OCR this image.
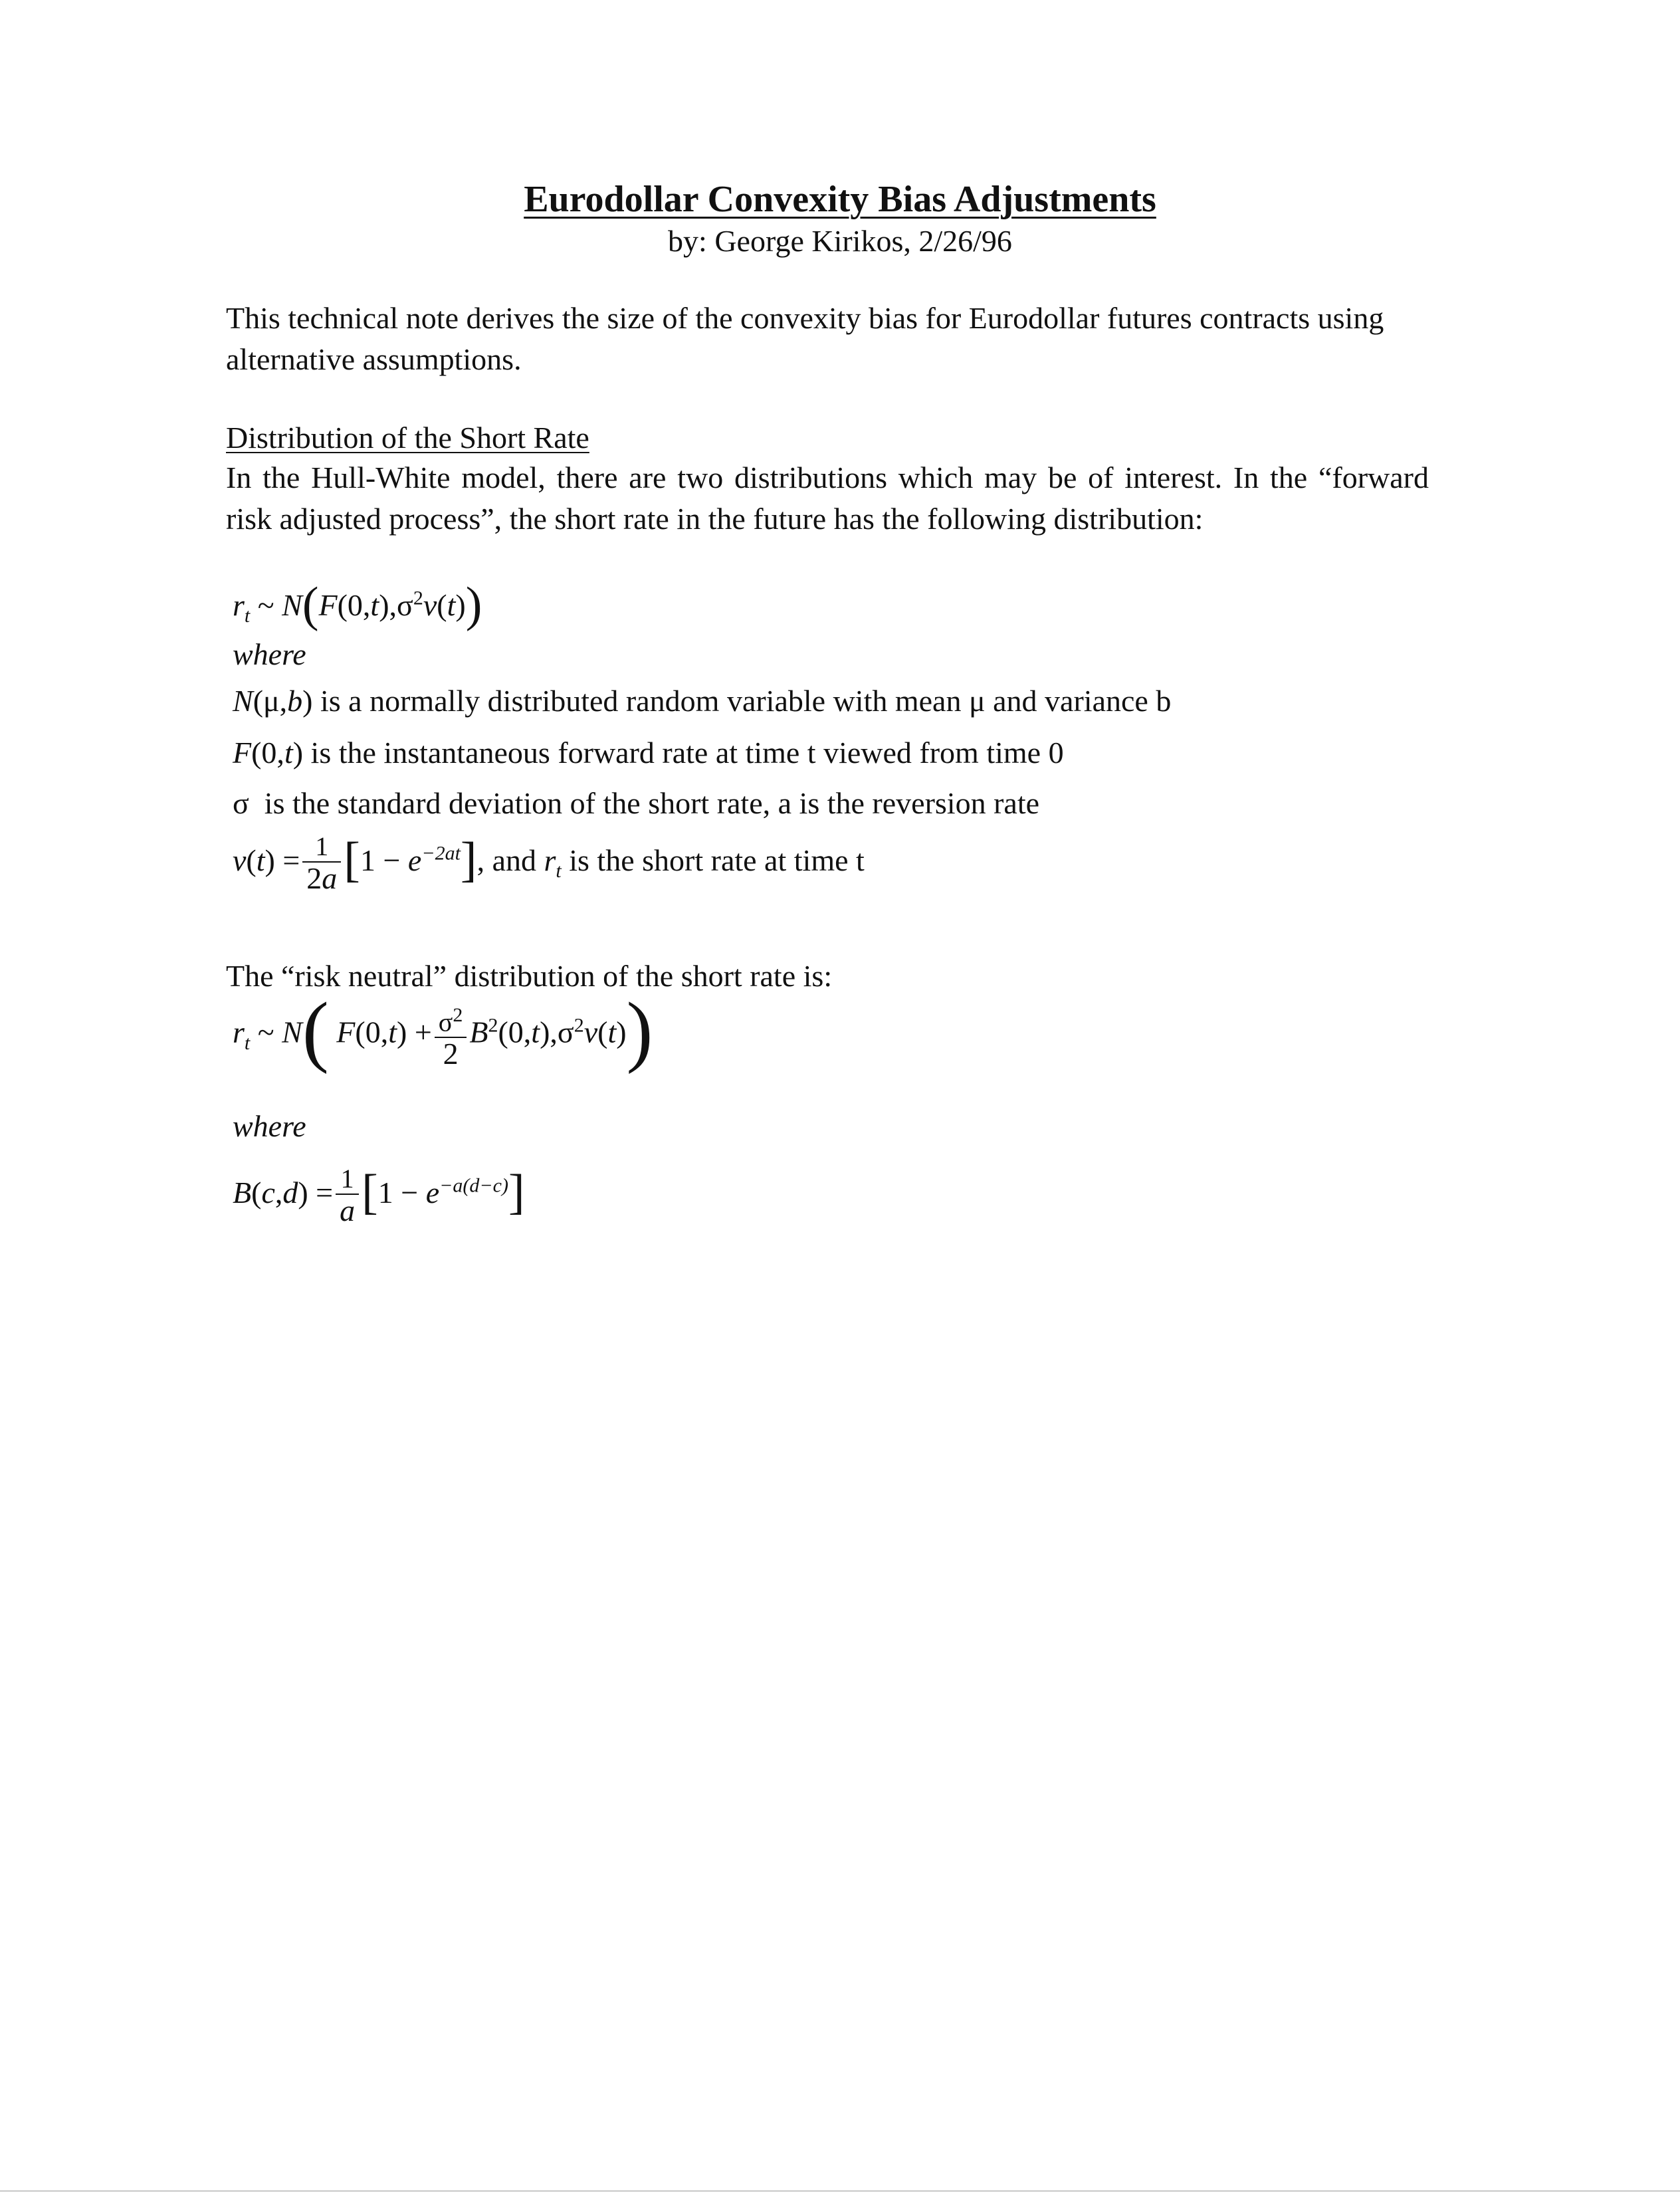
Eurodollar Convexity Bias Adjustments
by: George Kirikos, 2/26/96
This technical note derives the size of the convexity bias for Eurodollar futures contracts using alternative assumptions.
Distribution of the Short Rate
In the Hull-White model, there are two distributions which may be of interest. In the “forward risk adjusted process”, the short rate in the future has the following distribution:
$r_t$ ~ $N(F(0,t),\sigma^2v(t))$
where
N(μ,b) is a normally distributed random variable with mean μ and variance b
F(0,t) is the instantaneous forward rate at time t viewed from time 0
σ  is the standard deviation of the short rate, a is the reversion rate
$v(t) = \frac{1}{2a} [1 - e^{-2at}]$, and $r_t$ is the short rate at time t
The “risk neutral” distribution of the short rate is:
$r_t$ ~ N( $F(0,t) + \frac{\sigma^2}{2} B^2(0,t),\sigma^2v(t)$)
where
$B(c,d) = \frac{1}{a} [1 - e^{-a(d-c)}]$
